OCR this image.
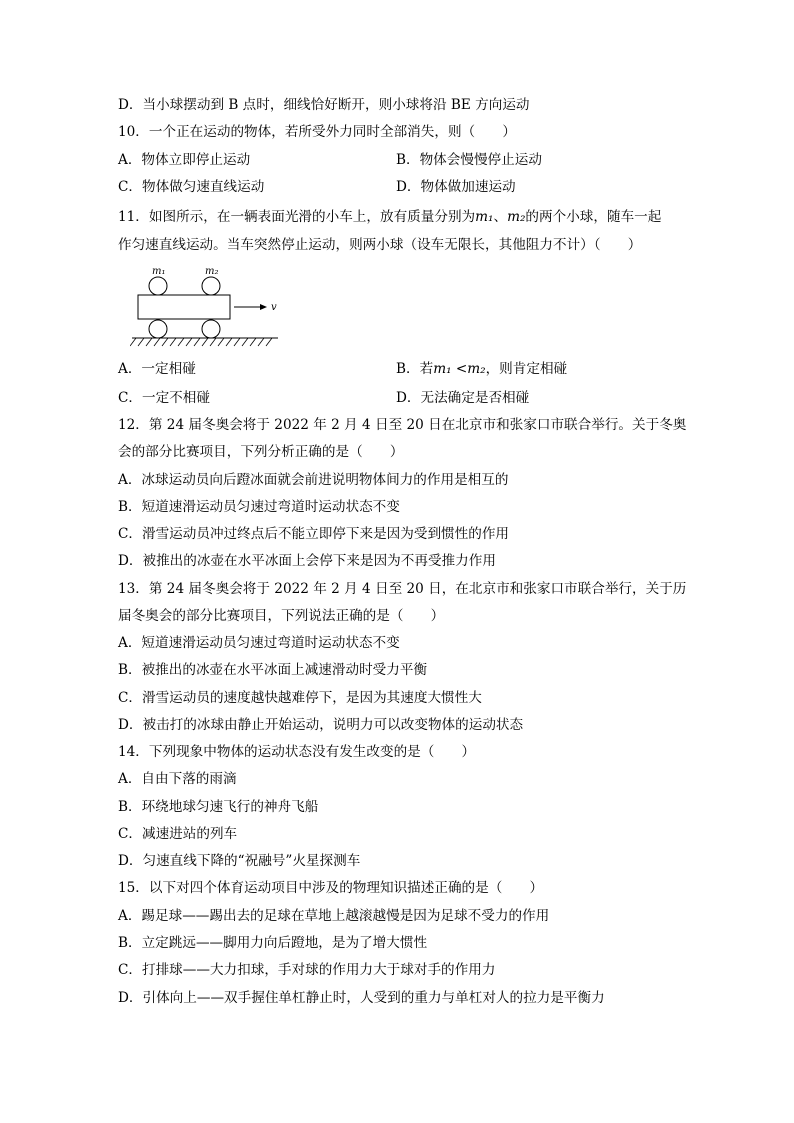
D．当小球摆动到 B 点时，细线恰好断开，则小球将沿 BE 方向运动
10．一个正在运动的物体，若所受外力同时全部消失，则（　　）
A．物体立即停止运动	B．物体会慢慢停止运动
C．物体做匀速直线运动	D．物体做加速运动
11．如图所示，在一辆表面光滑的小车上，放有质量分别为m₁、m₂的两个小球，随车一起
作匀速直线运动。当车突然停止运动，则两小球（设车无限长，其他阻力不计）（　　）
m₁	m₂
v
A．一定相碰	B．若m₁ <m₂，则肯定相碰
C．一定不相碰	D．无法确定是否相碰
12．第 24 届冬奥会将于 2022 年 2 月 4 日至 20 日在北京市和张家口市联合举行。关于冬奥
会的部分比赛项目，下列分析正确的是（　　）
A．冰球运动员向后蹬冰面就会前进说明物体间力的作用是相互的
B．短道速滑运动员匀速过弯道时运动状态不变
C．滑雪运动员冲过终点后不能立即停下来是因为受到惯性的作用
D．被推出的冰壶在水平冰面上会停下来是因为不再受推力作用
13．第 24 届冬奥会将于 2022 年 2 月 4 日至 20 日，在北京市和张家口市联合举行，关于历
届冬奥会的部分比赛项目，下列说法正确的是（　　）
A．短道速滑运动员匀速过弯道时运动状态不变
B．被推出的冰壶在水平冰面上减速滑动时受力平衡
C．滑雪运动员的速度越快越难停下，是因为其速度大惯性大
D．被击打的冰球由静止开始运动，说明力可以改变物体的运动状态
14．下列现象中物体的运动状态没有发生改变的是（　　）
A．自由下落的雨滴
B．环绕地球匀速飞行的神舟飞船
C．减速进站的列车
D．匀速直线下降的“祝融号”火星探测车
15．以下对四个体育运动项目中涉及的物理知识描述正确的是（　　）
A．踢足球——踢出去的足球在草地上越滚越慢是因为足球不受力的作用
B．立定跳远——脚用力向后蹬地，是为了增大惯性
C．打排球——大力扣球，手对球的作用力大于球对手的作用力
D．引体向上——双手握住单杠静止时，人受到的重力与单杠对人的拉力是平衡力
